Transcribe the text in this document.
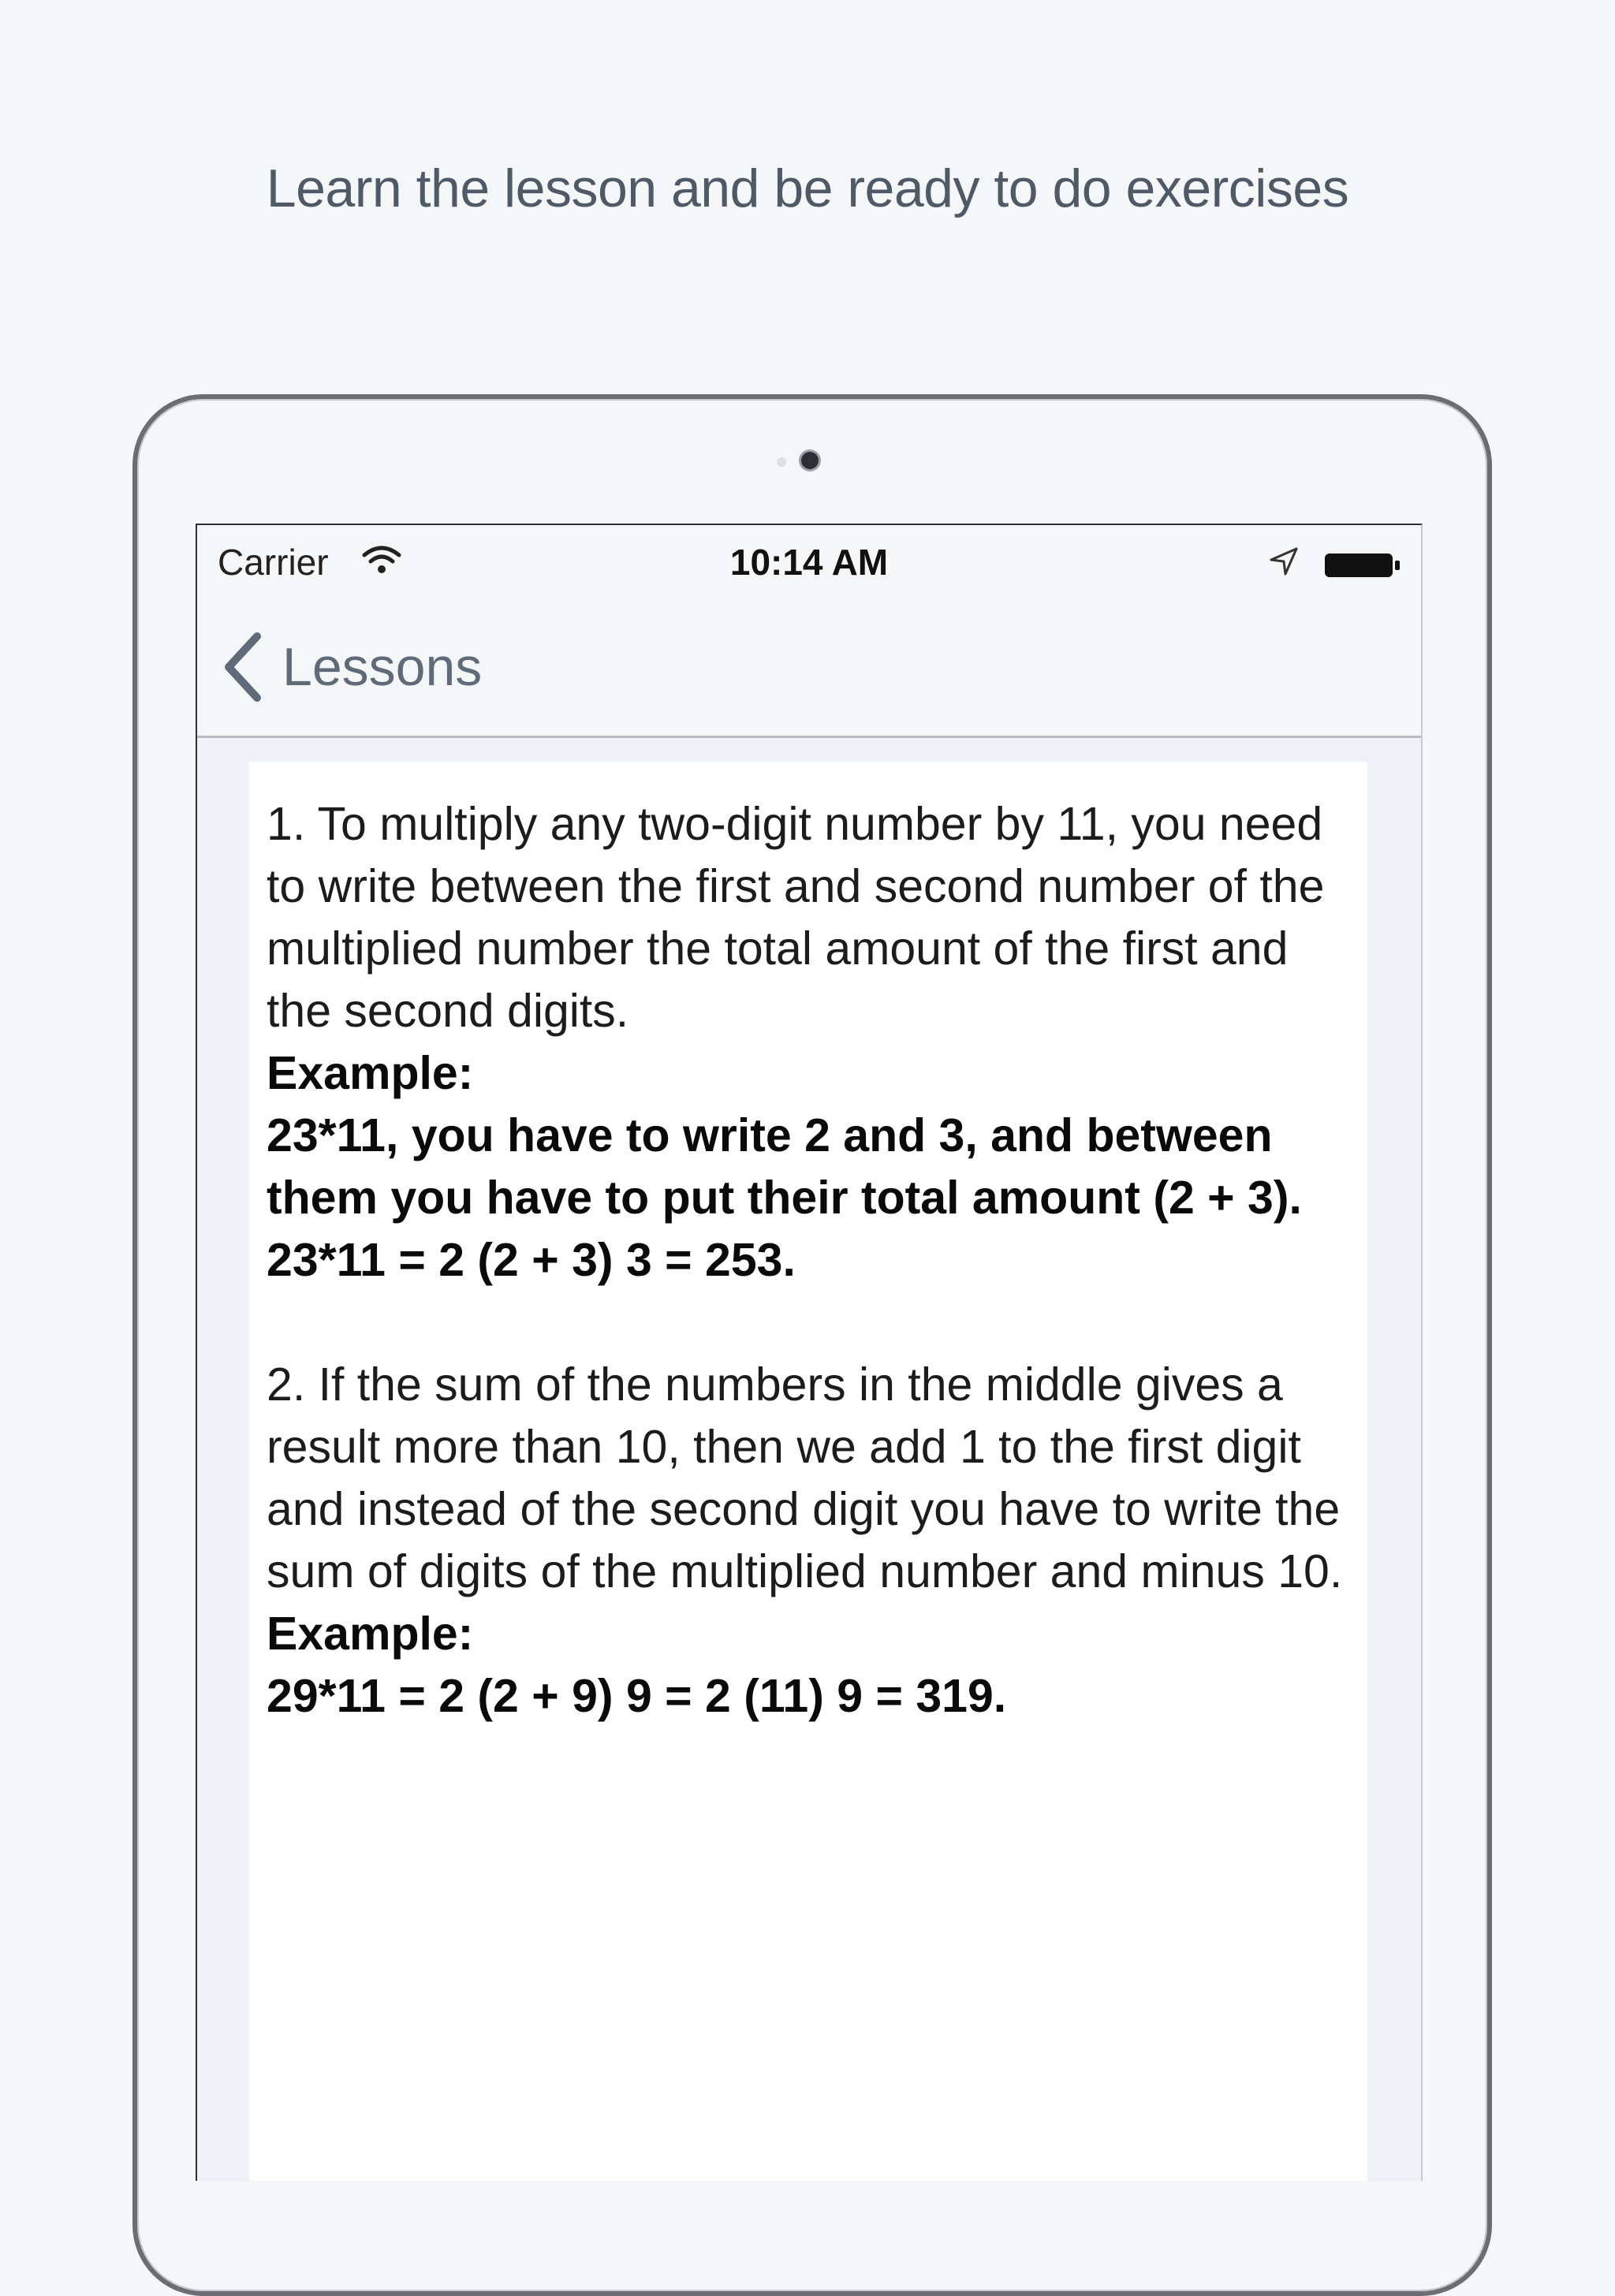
Learn the lesson and be ready to do exercises
Carrier	10:14 AM
Lessons

1. To multiply any two-digit number by 11, you need to write between the first and second number of the multiplied number the total amount of the first and the second digits.

Example:

23*11, you have to write 2 and 3, and between them you have to put their total amount (2 + 3). 23*11 = 2 (2 + 3) 3 = 253.

2. If the sum of the numbers in the middle gives a result more than 10, then we add 1 to the first digit and instead of the second digit you have to write the sum of digits of the multiplied number and minus 10.

Example:

29*11 = 2 (2 + 9) 9 = 2 (11) 9 = 319.
